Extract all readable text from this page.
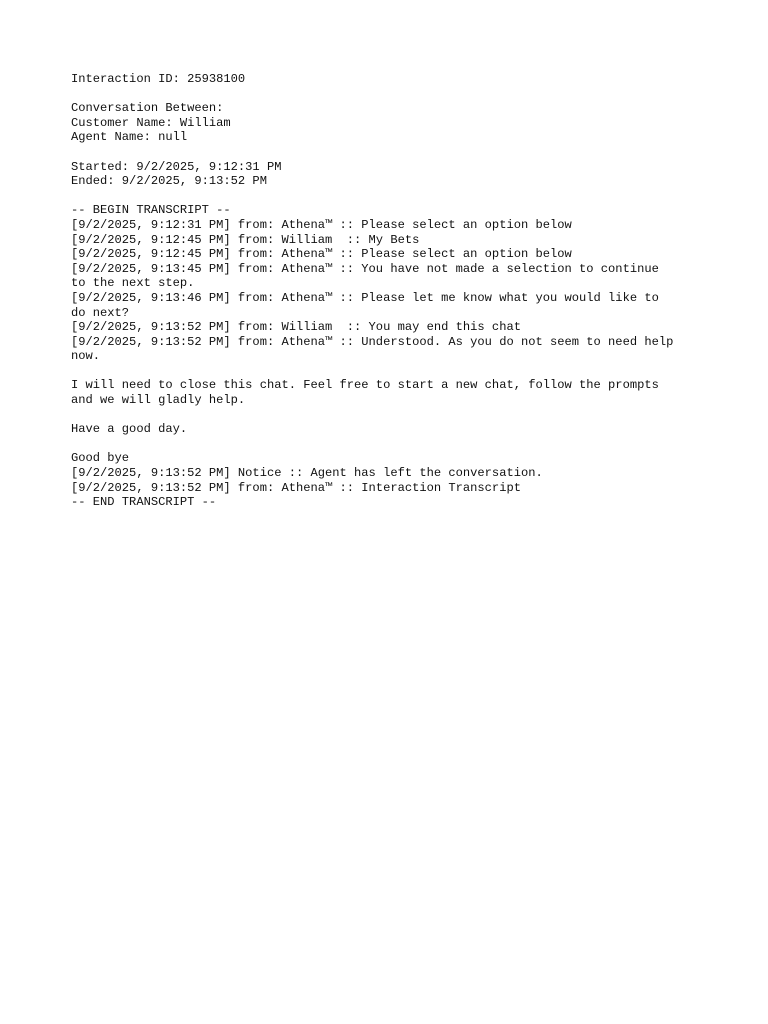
Interaction ID: 25938100
Conversation Between:
Customer Name: William
Agent Name: null
Started: 9/2/2025, 9:12:31 PM
Ended: 9/2/2025, 9:13:52 PM
-- BEGIN TRANSCRIPT --
[9/2/2025, 9:12:31 PM] from: Athena™ :: Please select an option below
[9/2/2025, 9:12:45 PM] from: William  :: My Bets
[9/2/2025, 9:12:45 PM] from: Athena™ :: Please select an option below
[9/2/2025, 9:13:45 PM] from: Athena™ :: You have not made a selection to continue
to the next step.
[9/2/2025, 9:13:46 PM] from: Athena™ :: Please let me know what you would like to
do next?
[9/2/2025, 9:13:52 PM] from: William  :: You may end this chat
[9/2/2025, 9:13:52 PM] from: Athena™ :: Understood. As you do not seem to need help
now.
I will need to close this chat. Feel free to start a new chat, follow the prompts
and we will gladly help.
Have a good day.
Good bye
[9/2/2025, 9:13:52 PM] Notice :: Agent has left the conversation.
[9/2/2025, 9:13:52 PM] from: Athena™ :: Interaction Transcript
-- END TRANSCRIPT --
